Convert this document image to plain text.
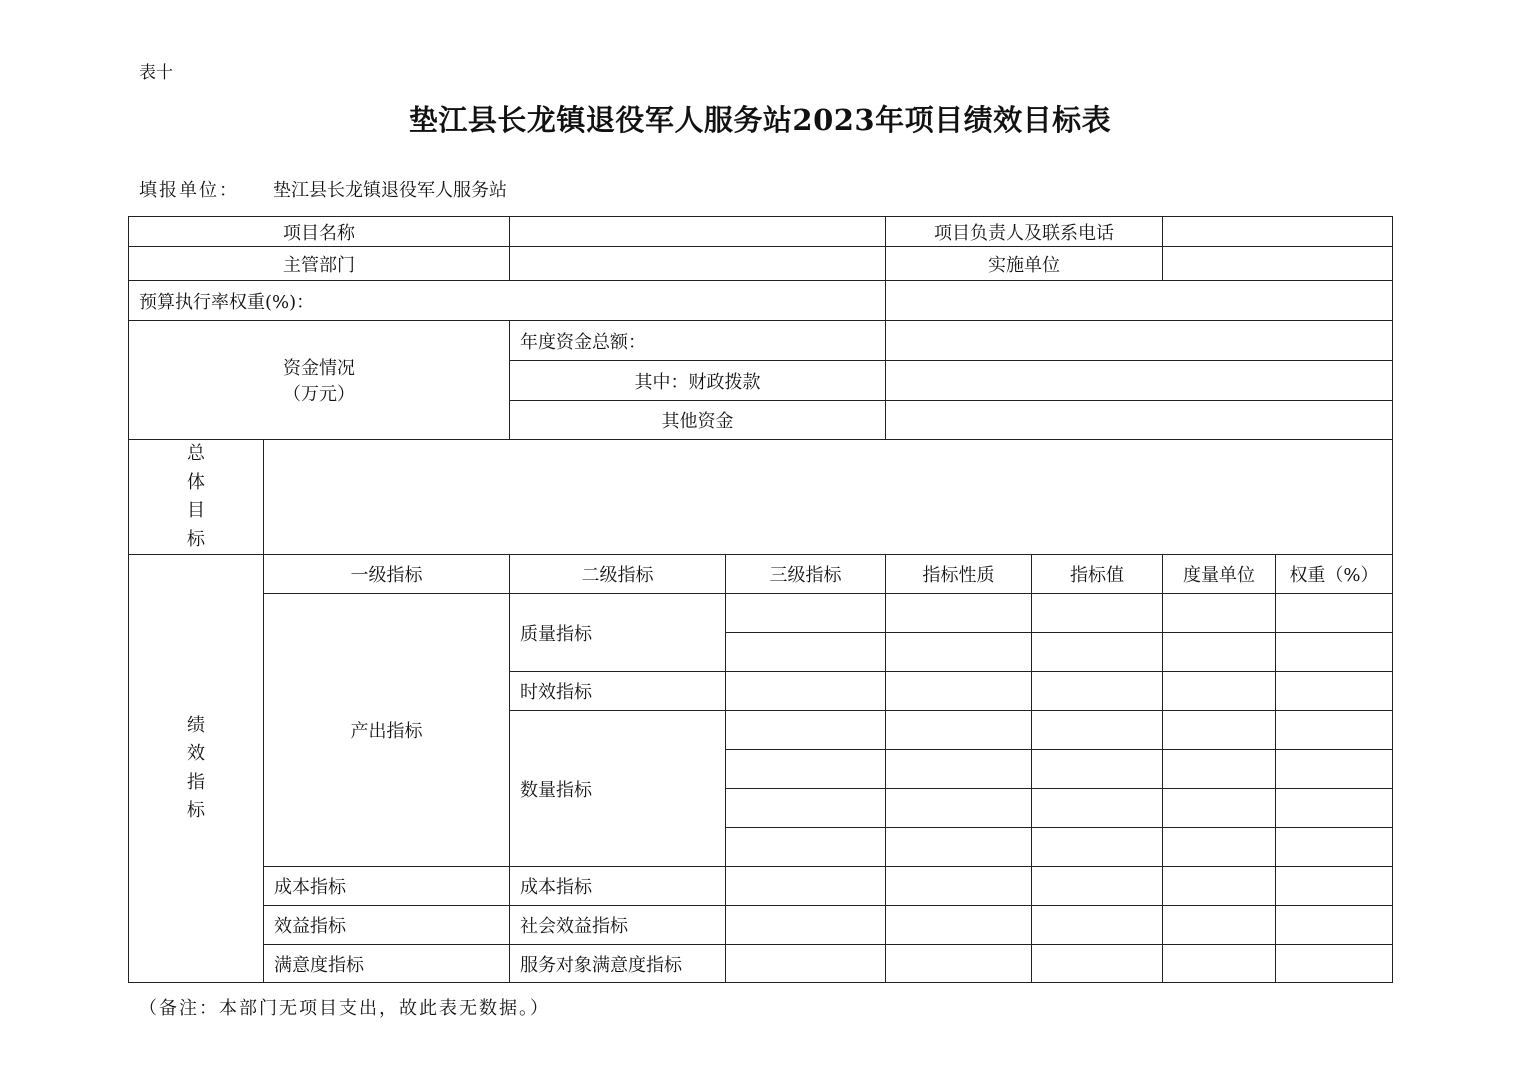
表十
垫江县长龙镇退役军人服务站2023年项目绩效目标表
填报单位： 垫江县长龙镇退役军人服务站
项目名称				项目负责人及联系电话			
主管部门				实施单位			
预算执行率权重(%)：							

资金情况
（万元）		年度资金总额：					
		其中：财政拨款					
		其他资金					

总
体
目
标							

绩
效
指
标	一级指标	二级指标	三级指标	指标性质	指标值	度量单位	权重（%）
	产出指标	质量指标					

		时效指标					
		数量指标					

	成本指标	成本指标					
	效益指标	社会效益指标					
	满意度指标	服务对象满意度指标					
（备注：本部门无项目支出，故此表无数据。）
